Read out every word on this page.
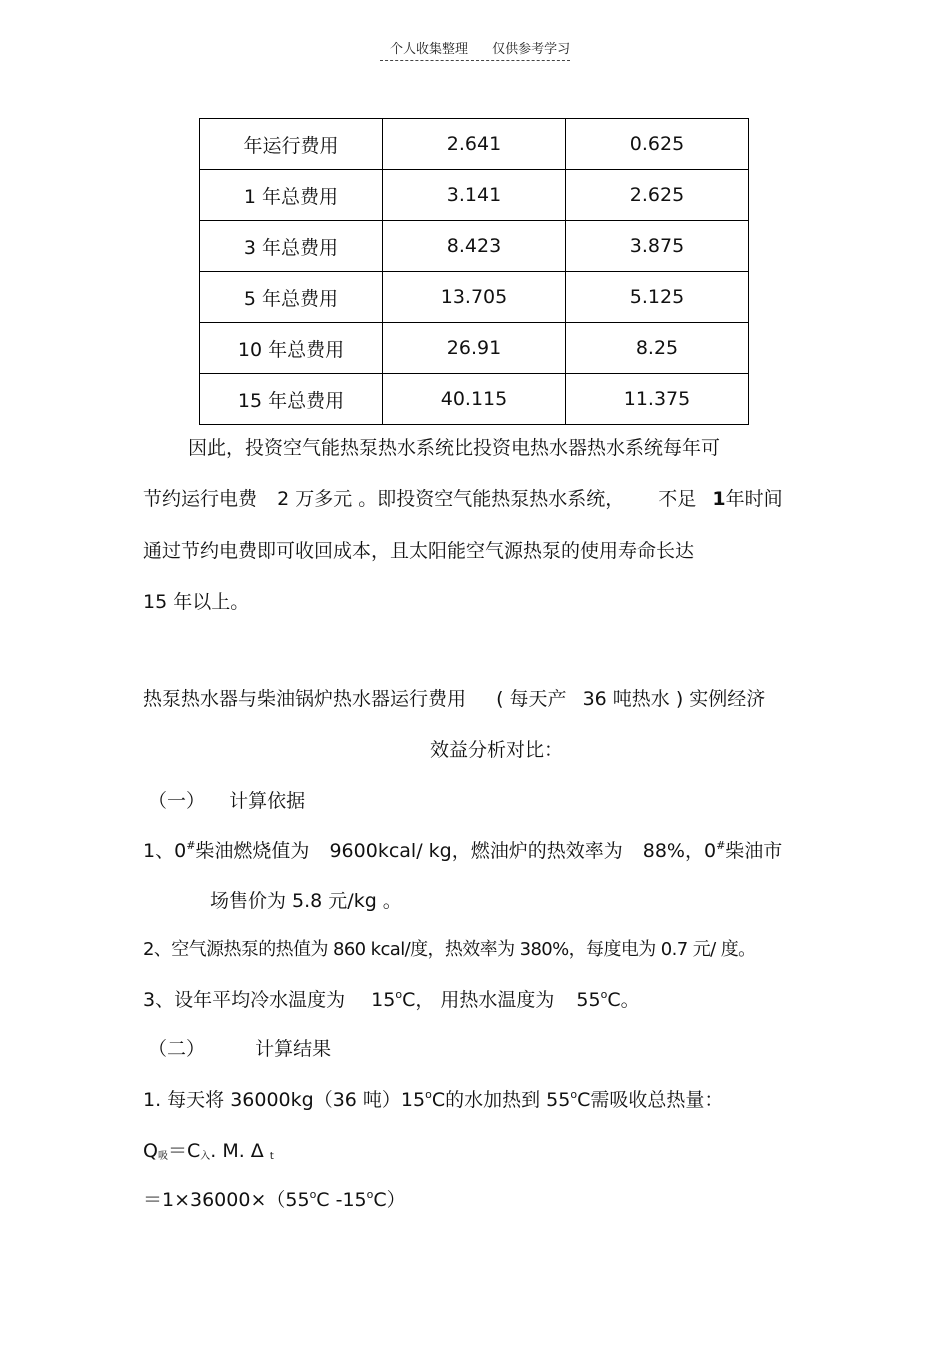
个人收集整理 仅供参考学习
年运行费用	2.641	0.625
1 年总费用	3.141	2.625
3 年总费用	8.423	3.875
5 年总费用	13.705	5.125
10 年总费用	26.91	8.25
15 年总费用	40.115	11.375
因此，投资空气能热泵热水系统比投资电热水器热水系统每年可
节约运行电费 2 万多元 。即投资空气能热泵热水系统， 不足 1年时间
通过节约电费即可收回成本，且太阳能空气源热泵的使用寿命长达
15 年以上。
热泵热水器与柴油锅炉热水器运行费用 ( 每天产 36 吨热水 ) 实例经济
效益分析对比：
（一） 计算依据
1、0#柴油燃烧值为 9600kcal/ kg，燃油炉的热效率为 88%，0#柴油市
场售价为 5.8 元/kg 。
2、空气源热泵的热值为 860 kcal/度，热效率为 380%，每度电为 0.7 元/ 度。
3、设年平均冷水温度为 15$^o$C， 用热水温度为 55$^o$C。
（二）	计算结果
1. 每天将 36000kg（36 吨）15$^o$C的水加热到 55$^o$C需吸收总热量：
$Q_吸=C_入$. M. Δ $_t$
$=1\times 36000\times(55^oC$ -15$^o$C）
